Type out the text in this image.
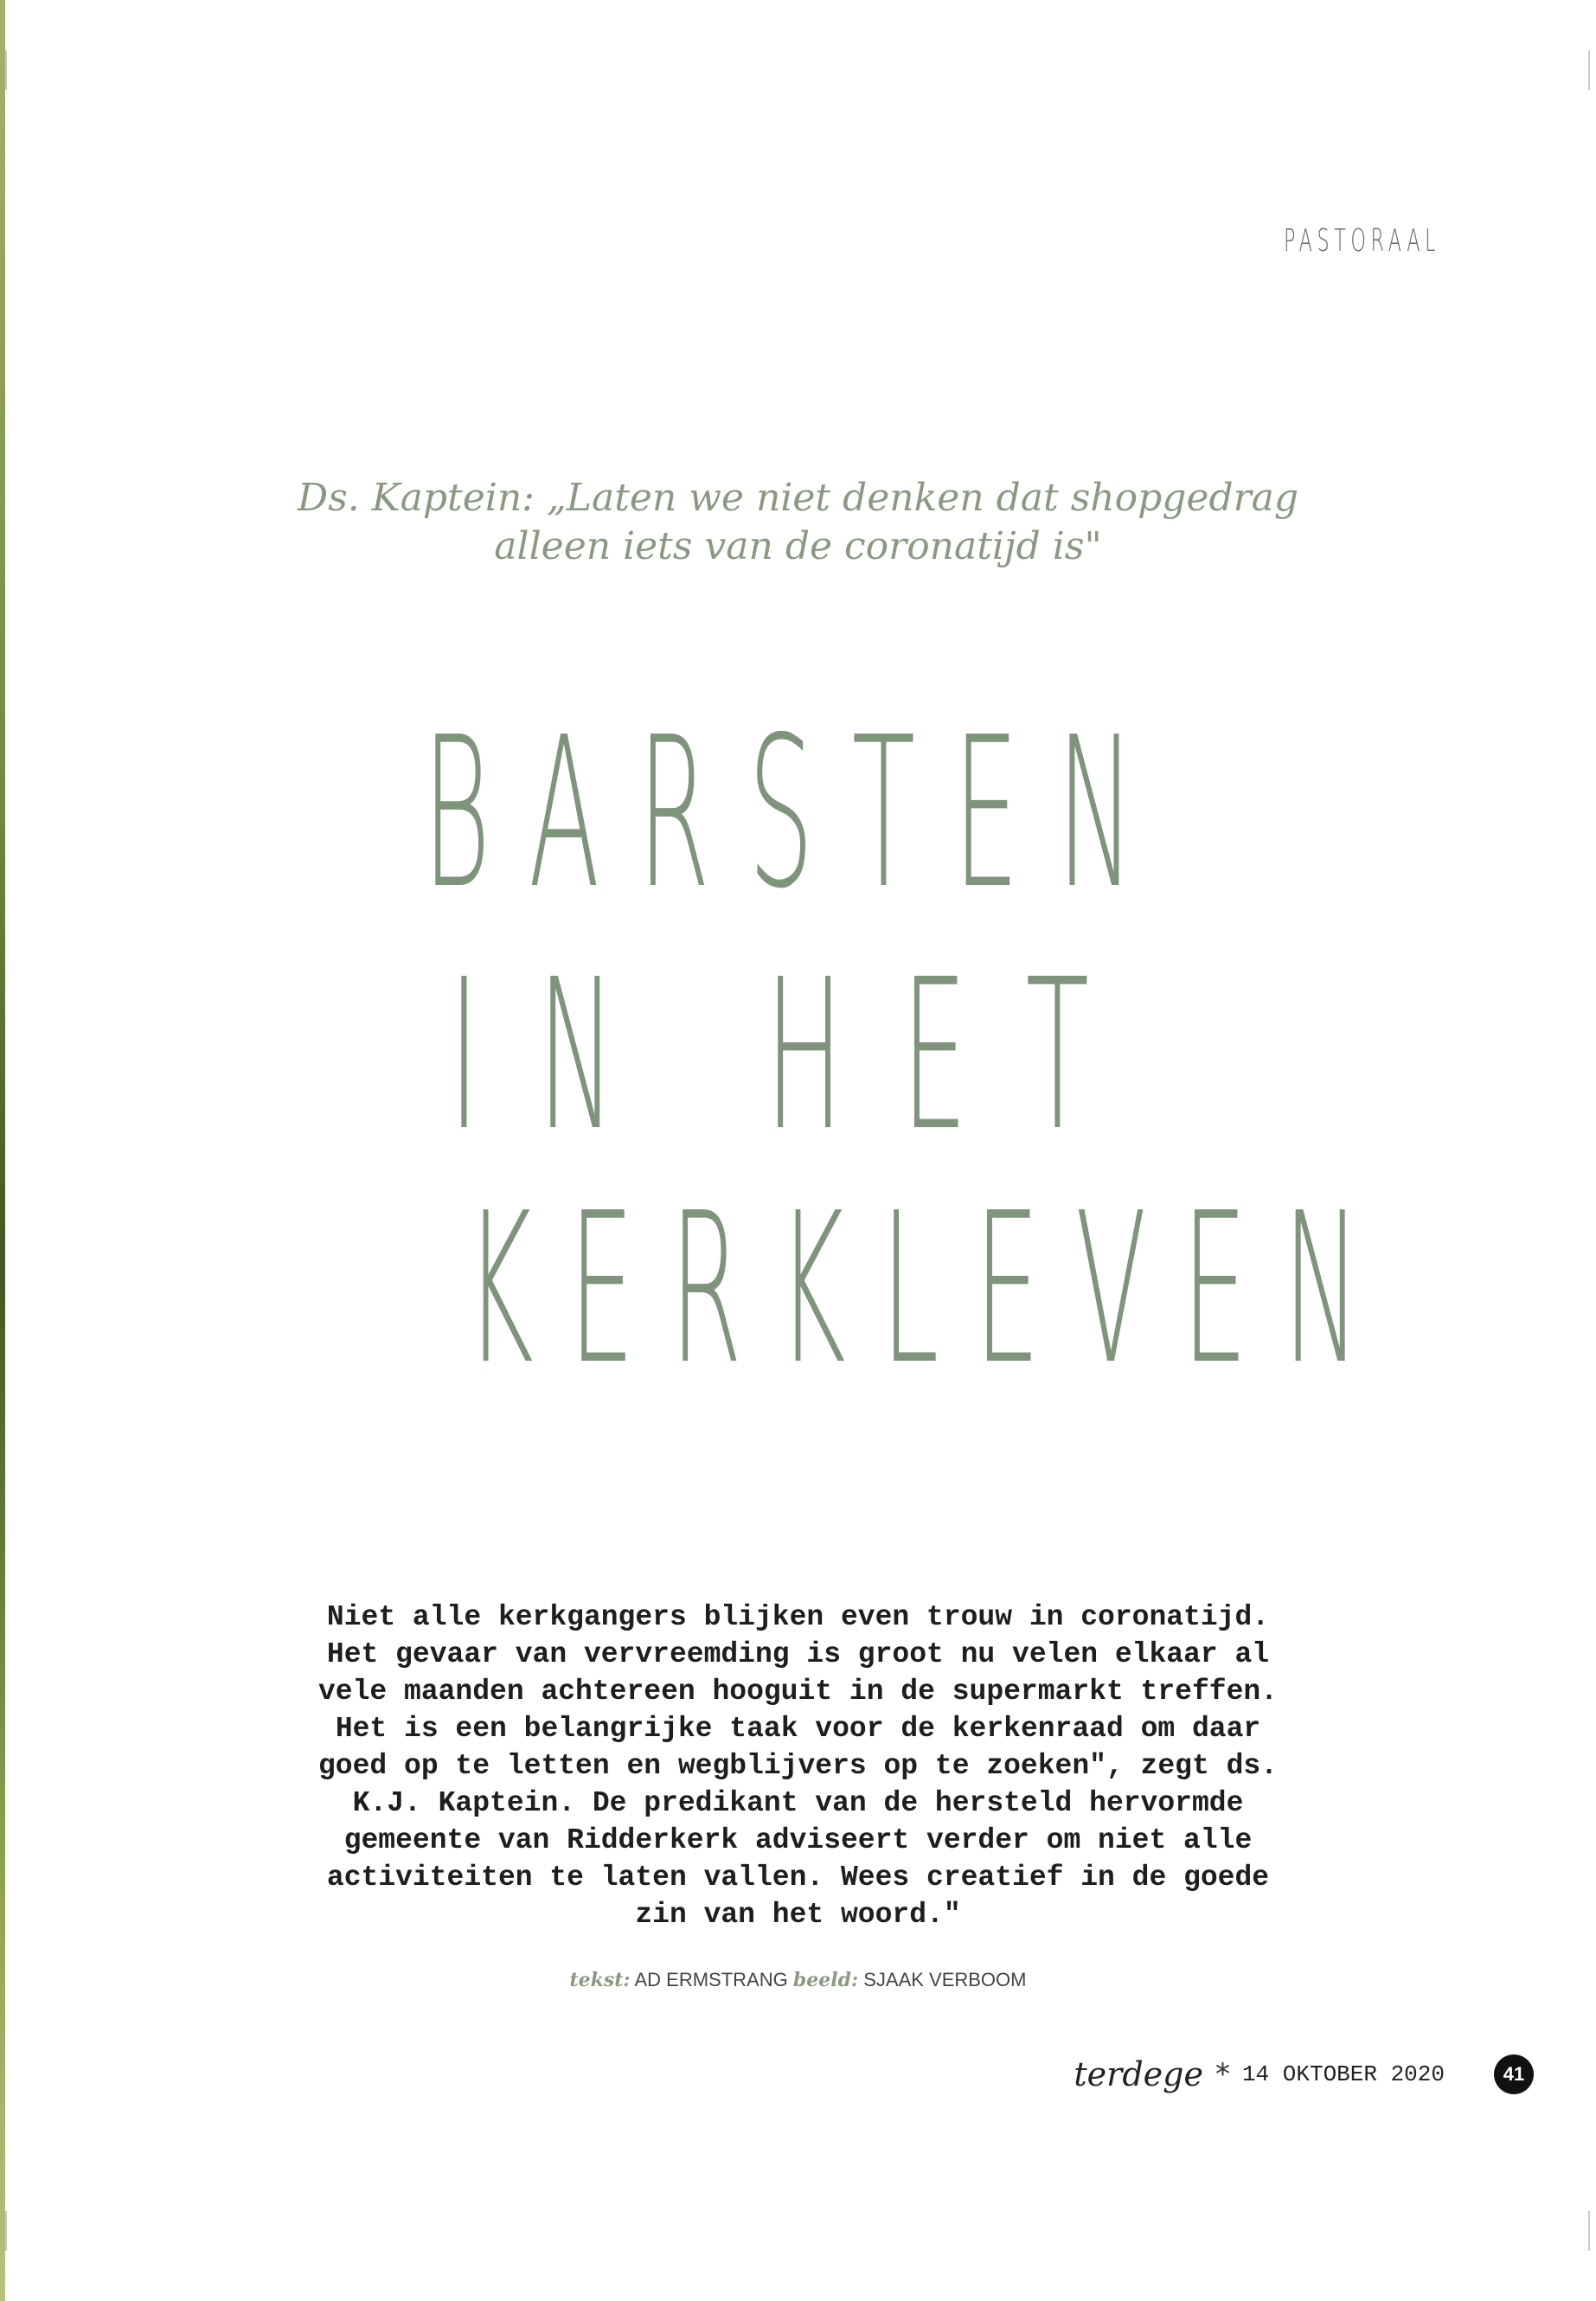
PASTORAAL
Ds. Kaptein: „Laten we niet denken dat shopgedrag
alleen iets van de coronatijd is"
BARSTEN
IN HET
KERKLEVEN
Niet alle kerkgangers blijken even trouw in coronatijd.
Het gevaar van vervreemding is groot nu velen elkaar al
vele maanden achtereen hooguit in de supermarkt treffen.
Het is een belangrijke taak voor de kerkenraad om daar
goed op te letten en wegblijvers op te zoeken", zegt ds.
K.J. Kaptein. De predikant van de hersteld hervormde
gemeente van Ridderkerk adviseert verder om niet alle
activiteiten te laten vallen. Wees creatief in de goede
zin van het woord."
tekst: AD ERMSTRANG beeld: SJAAK VERBOOM
terdege * 14 OKTOBER 2020	41
